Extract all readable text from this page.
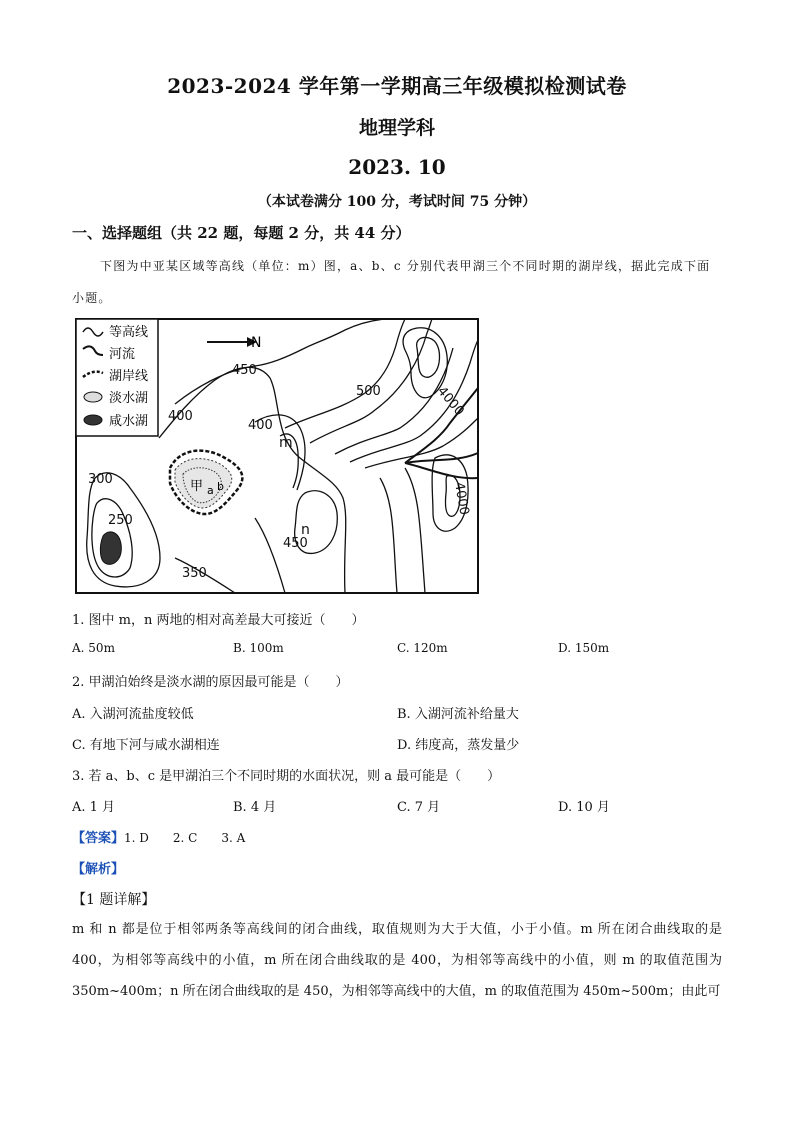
2023-2024 学年第一学期高三年级模拟检测试卷
地理学科
2023. 10
（本试卷满分 100 分，考试时间 75 分钟）
一、选择题组（共 22 题，每题 2 分，共 44 分）
下图为中亚某区域等高线（单位：m）图，a、b、c 分别代表甲湖三个不同时期的湖岸线，据此完成下面小题。
等高线
河流
湖岸线
淡水湖
咸水湖
N
甲 a b
450
500
400
400
300
250
350
450
4000
4000
m
n
1. 图中 m，n 两地的相对高差最大可接近（　　）
A. 50m	B. 100m	C. 120m	D. 150m
2. 甲湖泊始终是淡水湖的原因最可能是（　　）
A. 入湖河流盐度较低	B. 入湖河流补给量大
C. 有地下河与咸水湖相连	D. 纬度高，蒸发量少
3. 若 a、b、c 是甲湖泊三个不同时期的水面状况，则 a 最可能是（　　）
A. 1 月	B. 4 月	C. 7 月	D. 10 月
【答案】1. D　　2. C　　3. A
【解析】
【1 题详解】
m 和 n 都是位于相邻两条等高线间的闭合曲线，取值规则为大于大值，小于小值。m 所在闭合曲线取的是 400，为相邻等高线中的小值，m 所在闭合曲线取的是 400，为相邻等高线中的小值，则 m 的取值范围为 350m~400m；n 所在闭合曲线取的是 450，为相邻等高线中的大值，m 的取值范围为 450m~500m；由此可
